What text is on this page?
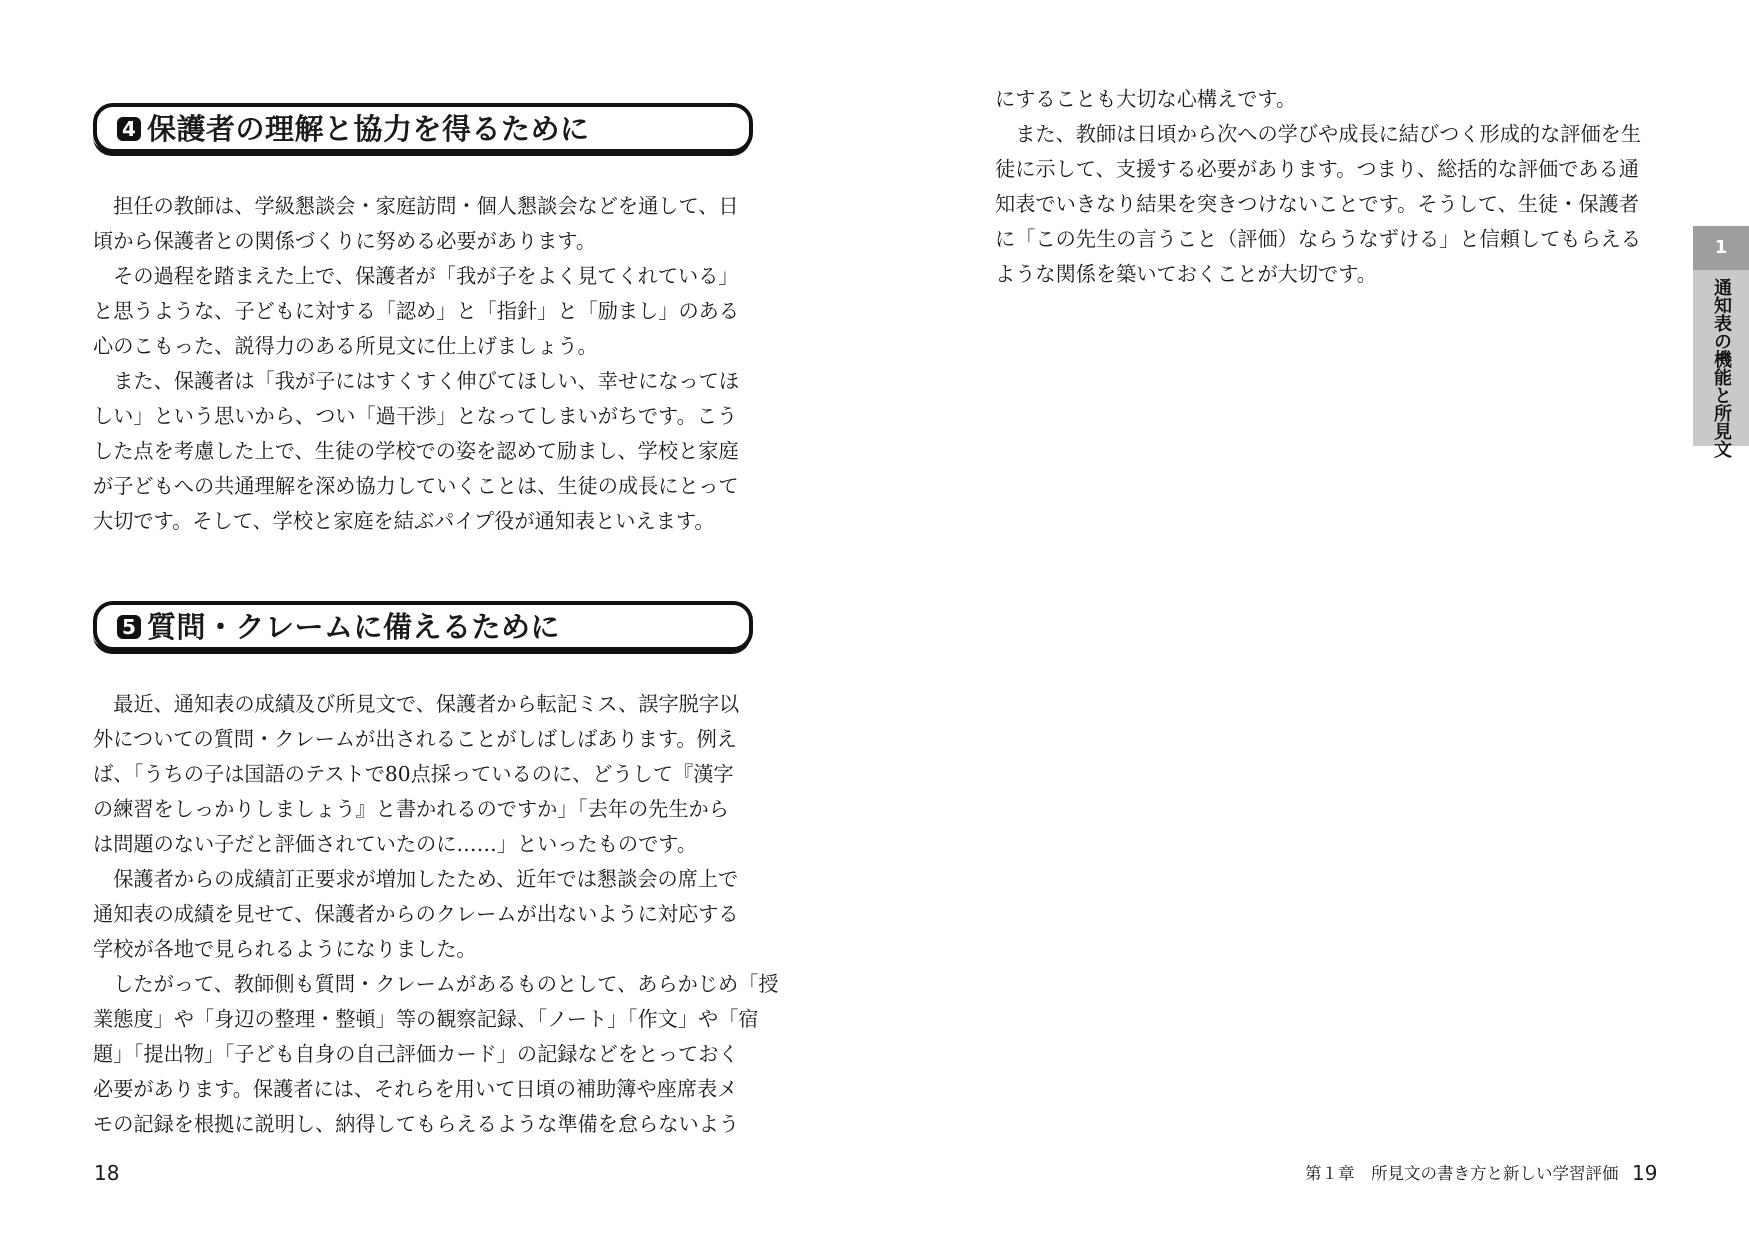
4 保護者の理解と協力を得るために
担任の教師は、学級懇談会・家庭訪問・個人懇談会などを通して、日
頃から保護者との関係づくりに努める必要があります。
その過程を踏まえた上で、保護者が「我が子をよく見てくれている」
と思うような、子どもに対する「認め」と「指針」と「励まし」のある
心のこもった、説得力のある所見文に仕上げましょう。
また、保護者は「我が子にはすくすく伸びてほしい、幸せになってほ
しい」という思いから、つい「過干渉」となってしまいがちです。こう
した点を考慮した上で、生徒の学校での姿を認めて励まし、学校と家庭
が子どもへの共通理解を深め協力していくことは、生徒の成長にとって
大切です。そして、学校と家庭を結ぶパイプ役が通知表といえます。
5 質問・クレームに備えるために
最近、通知表の成績及び所見文で、保護者から転記ミス、誤字脱字以
外についての質問・クレームが出されることがしばしばあります。例え
ば、「うちの子は国語のテストで80点採っているのに、どうして『漢字
の練習をしっかりしましょう』と書かれるのですか」「去年の先生から
は問題のない子だと評価されていたのに……」といったものです。
保護者からの成績訂正要求が増加したため、近年では懇談会の席上で
通知表の成績を見せて、保護者からのクレームが出ないように対応する
学校が各地で見られるようになりました。
したがって、教師側も質問・クレームがあるものとして、あらかじめ「授
業態度」や「身辺の整理・整頓」等の観察記録、「ノート」「作文」や「宿
題」「提出物」「子ども自身の自己評価カード」の記録などをとっておく
必要があります。保護者には、それらを用いて日頃の補助簿や座席表メ
モの記録を根拠に説明し、納得してもらえるような準備を怠らないよう
18
にすることも大切な心構えです。
また、教師は日頃から次への学びや成長に結びつく形成的な評価を生
徒に示して、支援する必要があります。つまり、総括的な評価である通
知表でいきなり結果を突きつけないことです。そうして、生徒・保護者
に「この先生の言うこと（評価）ならうなずける」と信頼してもらえる
ような関係を築いておくことが大切です。
1
通知表の機能と所見文
第１章　所見文の書き方と新しい学習評価 19
